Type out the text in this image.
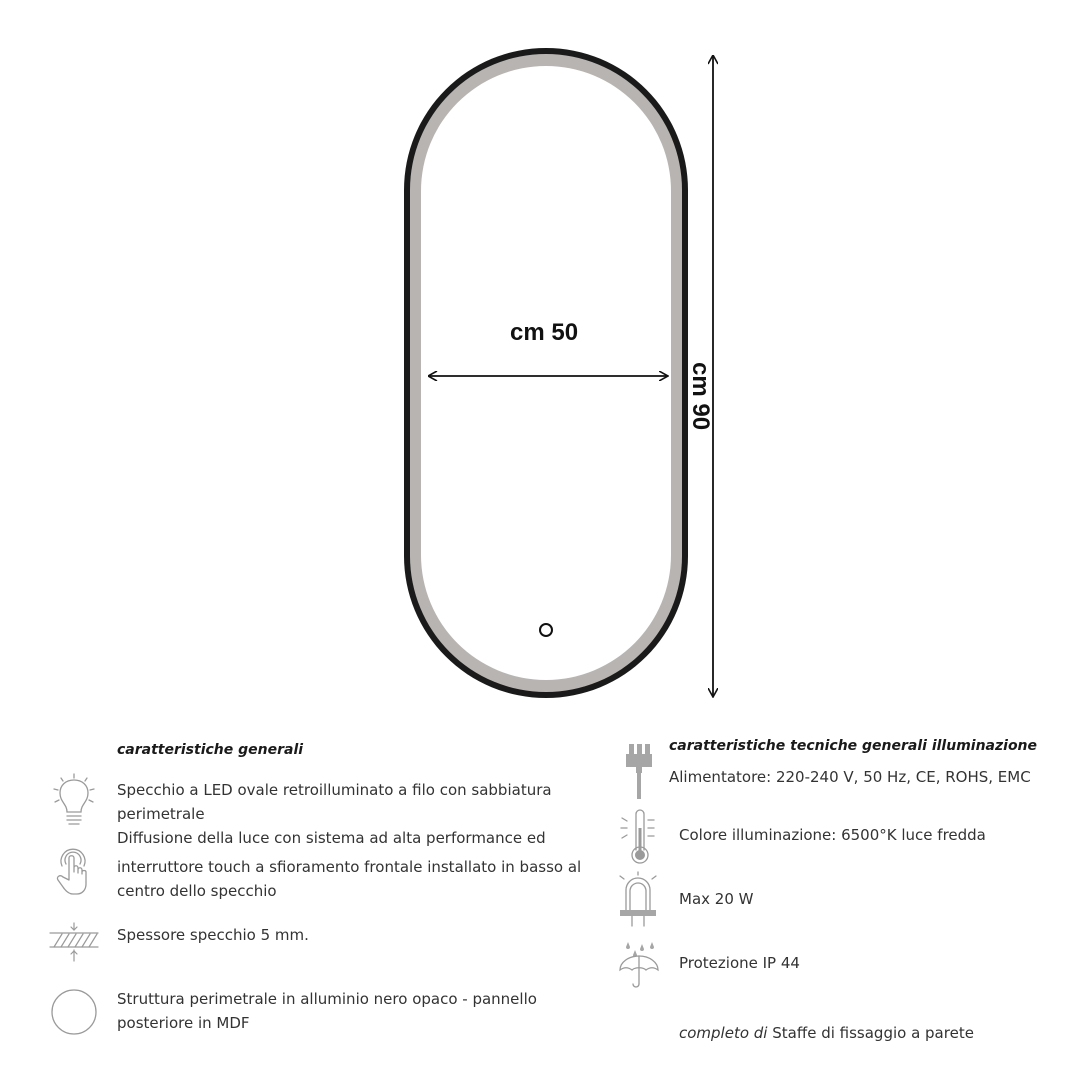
cm 50
cm 90
caratteristiche generali
Specchio a LED ovale retroilluminato a filo con sabbiatura perimetrale
Diffusione della luce con sistema ad alta performance ed
interruttore touch a sfioramento frontale installato in basso al centro dello specchio
Spessore specchio 5 mm.
Struttura perimetrale in alluminio nero opaco - pannello posteriore in MDF
caratteristiche tecniche generali illuminazione
Alimentatore: 220-240 V, 50 Hz, CE, ROHS, EMC
Colore illuminazione: 6500°K luce fredda
Max 20 W
Protezione IP 44
completo di Staffe di fissaggio a parete
